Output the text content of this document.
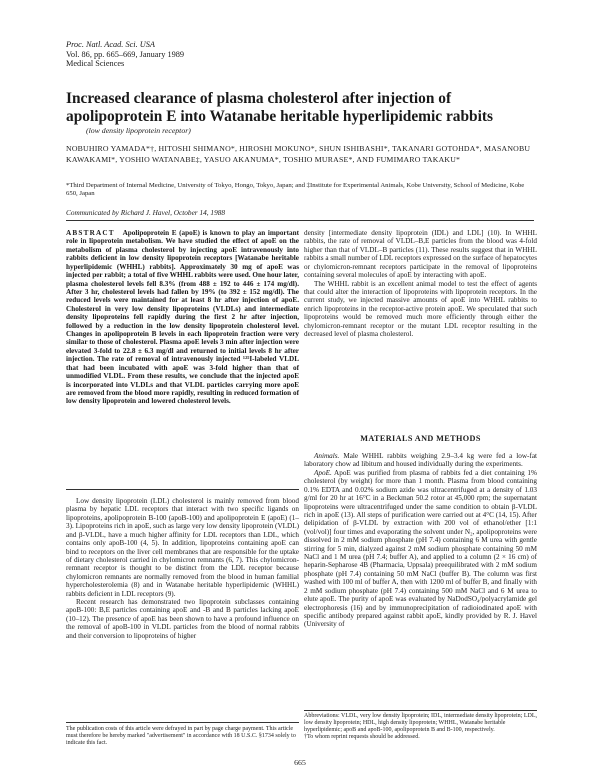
Proc. Natl. Acad. Sci. USA
Vol. 86, pp. 665–669, January 1989
Medical Sciences
Increased clearance of plasma cholesterol after injection of apolipoprotein E into Watanabe heritable hyperlipidemic rabbits
(low density lipoprotein receptor)
NOBUHIRO YAMADA*†, HITOSHI SHIMANO*, HIROSHI MOKUNO*, SHUN ISHIBASHI*, TAKANARI GOTOHDA*, MASANOBU KAWAKAMI*, YOSHIO WATANABE‡, YASUO AKANUMA*, TOSHIO MURASE*, AND FUMIMARO TAKAKU*
*Third Department of Internal Medicine, University of Tokyo, Hongo, Tokyo, Japan; and ‡Institute for Experimental Animals, Kobe University, School of Medicine, Kobe 650, Japan
Communicated by Richard J. Havel, October 14, 1988

ABSTRACT Apolipoprotein E (apoE) is known to play an important role in lipoprotein metabolism. We have studied the effect of apoE on the metabolism of plasma cholesterol by injecting apoE intravenously into rabbits deficient in low density lipoprotein receptors [Watanabe heritable hyperlipidemic (WHHL) rabbits]. Approximately 30 mg of apoE was injected per rabbit; a total of five WHHL rabbits were used. One hour later, plasma cholesterol levels fell 8.3% (from 488 ± 192 to 446 ± 174 mg/dl). After 3 hr, cholesterol levels had fallen by 19% (to 392 ± 152 mg/dl). The reduced levels were maintained for at least 8 hr after injection of apoE. Cholesterol in very low density lipoproteins (VLDLs) and intermediate density lipoproteins fell rapidly during the first 2 hr after injection, followed by a reduction in the low density lipoprotein cholesterol level. Changes in apolipoprotein B levels in each lipoprotein fraction were very similar to those of cholesterol. Plasma apoE levels 3 min after injection were elevated 3-fold to 22.8 ± 6.3 mg/dl and returned to initial levels 8 hr after injection. The rate of removal of intravenously injected ¹²⁵I-labeled VLDL that had been incubated with apoE was 3-fold higher than that of unmodified VLDL. From these results, we conclude that the injected apoE is incorporated into VLDLs and that VLDL particles carrying more apoE are removed from the blood more rapidly, resulting in reduced formation of low density lipoprotein and lowered cholesterol levels.

Low density lipoprotein (LDL) cholesterol is mainly removed from blood plasma by hepatic LDL receptors that interact with two specific ligands on lipoproteins, apolipoprotein B-100 (apoB-100) and apolipoprotein E (apoE) (1–3). Lipoproteins rich in apoE, such as large very low density lipoprotein (VLDL) and β-VLDL, have a much higher affinity for LDL receptors than LDL, which contains only apoB-100 (4, 5). In addition, lipoproteins containing apoE can bind to receptors on the liver cell membranes that are responsible for the uptake of dietary cholesterol carried in chylomicron remnants (6, 7). This chylomicron-remnant receptor is thought to be distinct from the LDL receptor because chylomicron remnants are normally removed from the blood in human familial hypercholesterolemia (8) and in Watanabe heritable hyperlipidemic (WHHL) rabbits deficient in LDL receptors (9).

Recent research has demonstrated two lipoprotein subclasses containing apoB-100: B,E particles containing apoE and -B and B particles lacking apoE (10–12). The presence of apoE has been shown to have a profound influence on the removal of apoB-100 in VLDL particles from the blood of normal rabbits and their conversion to lipoproteins of higher

The publication costs of this article were defrayed in part by page charge payment. This article must therefore be hereby marked "advertisement" in accordance with 18 U.S.C. §1734 solely to indicate this fact.

density [intermediate density lipoprotein (IDL) and LDL] (10). In WHHL rabbits, the rate of removal of VLDL–B,E particles from the blood was 4-fold higher than that of VLDL–B particles (11). These results suggest that in WHHL rabbits a small number of LDL receptors expressed on the surface of hepatocytes or chylomicron-remnant receptors participate in the removal of lipoproteins containing several molecules of apoE by interacting with apoE.

The WHHL rabbit is an excellent animal model to test the effect of agents that could alter the interaction of lipoproteins with lipoprotein receptors. In the current study, we injected massive amounts of apoE into WHHL rabbits to enrich lipoproteins in the receptor-active protein apoE. We speculated that such lipoproteins would be removed much more efficiently through either the chylomicron-remnant receptor or the mutant LDL receptor resulting in the decreased level of plasma cholesterol.

MATERIALS AND METHODS

Animals. Male WHHL rabbits weighing 2.9–3.4 kg were fed a low-fat laboratory chow ad libitum and housed individually during the experiments.

ApoE. ApoE was purified from plasma of rabbits fed a diet containing 1% cholesterol (by weight) for more than 1 month. Plasma from blood containing 0.1% EDTA and 0.02% sodium azide was ultracentrifuged at a density of 1.03 g/ml for 20 hr at 16°C in a Beckman 50.2 rotor at 45,000 rpm; the supernatant lipoproteins were ultracentrifuged under the same condition to obtain β-VLDL rich in apoE (13). All steps of purification were carried out at 4°C (14, 15). After delipidation of β-VLDL by extraction with 200 vol of ethanol/ether [1:1 (vol/vol)] four times and evaporating the solvent under N₂, apolipoproteins were dissolved in 2 mM sodium phosphate (pH 7.4) containing 6 M urea with gentle stirring for 5 min, dialyzed against 2 mM sodium phosphate containing 50 mM NaCl and 1 M urea (pH 7.4; buffer A), and applied to a column (2 × 16 cm) of heparin-Sepharose 4B (Pharmacia, Uppsala) preequilibrated with 2 mM sodium phosphate (pH 7.4) containing 50 mM NaCl (buffer B). The column was first washed with 100 ml of buffer A, then with 1200 ml of buffer B, and finally with 2 mM sodium phosphate (pH 7.4) containing 500 mM NaCl and 6 M urea to elute apoE. The purity of apoE was evaluated by NaDodSO₄/polyacrylamide gel electrophoresis (16) and by immunoprecipitation of radioiodinated apoE with specific antibody prepared against rabbit apoE, kindly provided by R. J. Havel (University of

Abbreviations: VLDL, very low density lipoprotein; IDL, intermediate density lipoprotein; LDL, low density lipoprotein; HDL, high density lipoprotein; WHHL, Watanabe heritable hyperlipidemic; apoB and apoB-100, apolipoprotein B and B-100, respectively.
†To whom reprint requests should be addressed.
665
